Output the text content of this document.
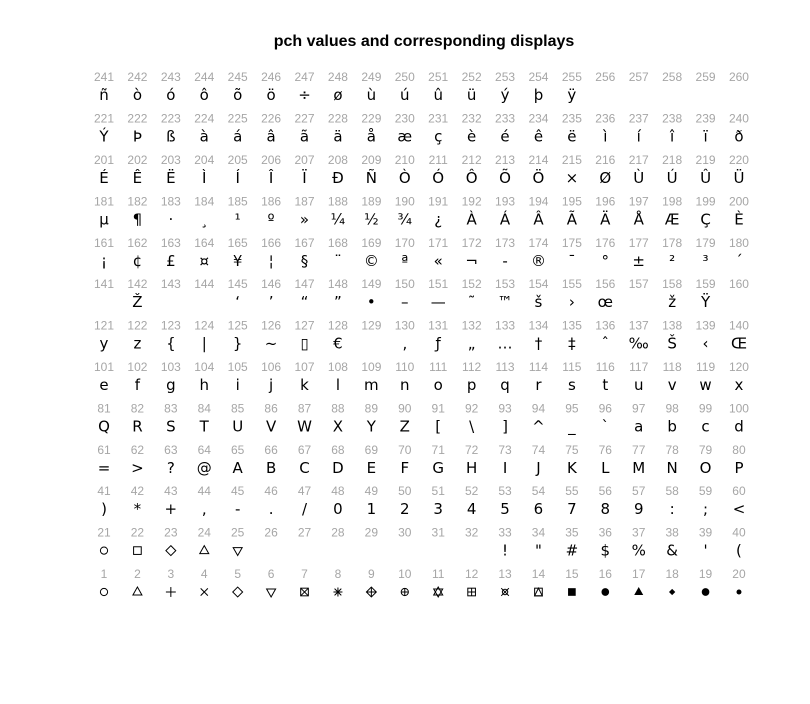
pch values and corresponding displays
1 2 3 4 5 6 7 8 9 10 11 12 13 14 15 16 17 18 19 20
21 22 23 24 25 26 27 28 29 30 31 32 33
!
34
"
35
#
36
$
37
%
38
&
39
'
40
(
41
)
42
*
43
+
44
,
45
-
46
.
47
/
48
0
49
1
50
2
51
3
52
4
53
5
54
6
55
7
56
8
57
9
58
:
59
;
60
<
61
=
62
>
63
?
64
@
65
A
66
B
67
C
68
D
69
E
70
F
71
G
72
H
73
I
74
J
75
K
76
L
77
M
78
N
79
O
80
P
81
Q
82
R
83
S
84
T
85
U
86
V
87
W
88
X
89
Y
90
Z
91
[
92
\
93
]
94
^
95
_
96
`
97
a
98
b
99
c
100
d
101
e
102
f
103
g
104
h
105
i
106
j
107
k
108
l
109
m
110
n
111
o
112
p
113
q
114
r
115
s
116
t
117
u
118
v
119
w
120
x
121
y
122
z
123
{
124
|
125
}
126
~
127
▯
128
€
129 130
‚
131
ƒ
132
„
133
…
134
†
135
‡
136
ˆ
137
‰
138
Š
139
‹
140
Œ
141 142
Ž
143 144 145
‘
146
’
147
“
148
”
149
•
150
–
151
—
152
˜
153
™
154
š
155
›
156
œ
157 158
ž
159
Ÿ
160
161
¡
162
¢
163
£
164
¤
165
¥
166
¦
167
§
168
¨
169
©
170
ª
171
«
172
¬
173
-
174
®
175
¯
176
°
177
±
178
²
179
³
180
´
181
µ
182
¶
183
·
184
¸
185
¹
186
º
187
»
188
¼
189
½
190
¾
191
¿
192
À
193
Á
194
Â
195
Ã
196
Ä
197
Å
198
Æ
199
Ç
200
È
201
É
202
Ê
203
Ë
204
Ì
205
Í
206
Î
207
Ï
208
Ð
209
Ñ
210
Ò
211
Ó
212
Ô
213
Õ
214
Ö
215
×
216
Ø
217
Ù
218
Ú
219
Û
220
Ü
221
Ý
222
Þ
223
ß
224
à
225
á
226
â
227
ã
228
ä
229
å
230
æ
231
ç
232
è
233
é
234
ê
235
ë
236
ì
237
í
238
î
239
ï
240
ð
241
ñ
242
ò
243
ó
244
ô
245
õ
246
ö
247
÷
248
ø
249
ù
250
ú
251
û
252
ü
253
ý
254
þ
255
ÿ
256 257 258 259 260
